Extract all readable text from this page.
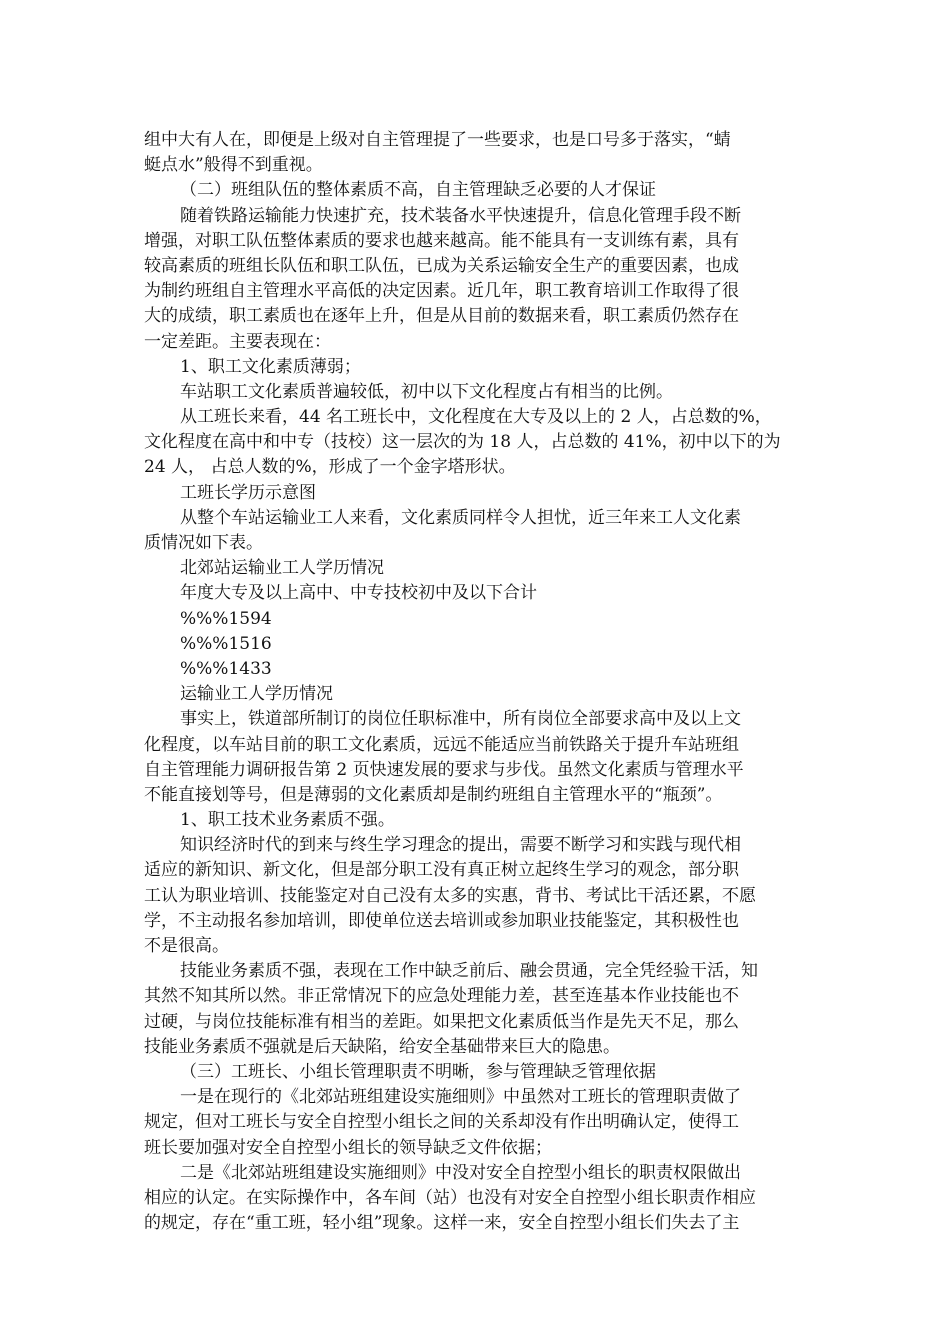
组中大有人在，即便是上级对自主管理提了一些要求，也是口号多于落实，“蜻
蜓点水”般得不到重视。
（二）班组队伍的整体素质不高，自主管理缺乏必要的人才保证
随着铁路运输能力快速扩充，技术装备水平快速提升，信息化管理手段不断
增强，对职工队伍整体素质的要求也越来越高。能不能具有一支训练有素，具有
较高素质的班组长队伍和职工队伍，已成为关系运输安全生产的重要因素，也成
为制约班组自主管理水平高低的决定因素。近几年，职工教育培训工作取得了很
大的成绩，职工素质也在逐年上升，但是从目前的数据来看，职工素质仍然存在
一定差距。主要表现在：
1、职工文化素质薄弱；
车站职工文化素质普遍较低，初中以下文化程度占有相当的比例。
从工班长来看，44 名工班长中，文化程度在大专及以上的 2 人，占总数的%，
文化程度在高中和中专（技校）这一层次的为 18 人，占总数的 41%，初中以下的为
24 人， 占总人数的%，形成了一个金字塔形状。
工班长学历示意图
从整个车站运输业工人来看，文化素质同样令人担忧，近三年来工人文化素
质情况如下表。
北郊站运输业工人学历情况
年度大专及以上高中、中专技校初中及以下合计
%%%1594
%%%1516
%%%1433
运输业工人学历情况
事实上，铁道部所制订的岗位任职标准中，所有岗位全部要求高中及以上文
化程度，以车站目前的职工文化素质，远远不能适应当前铁路关于提升车站班组
自主管理能力调研报告第 2 页快速发展的要求与步伐。虽然文化素质与管理水平
不能直接划等号，但是薄弱的文化素质却是制约班组自主管理水平的“瓶颈”。
1、职工技术业务素质不强。
知识经济时代的到来与终生学习理念的提出，需要不断学习和实践与现代相
适应的新知识、新文化，但是部分职工没有真正树立起终生学习的观念，部分职
工认为职业培训、技能鉴定对自己没有太多的实惠，背书、考试比干活还累，不愿
学，不主动报名参加培训，即使单位送去培训或参加职业技能鉴定，其积极性也
不是很高。
技能业务素质不强，表现在工作中缺乏前后、融会贯通，完全凭经验干活，知
其然不知其所以然。非正常情况下的应急处理能力差，甚至连基本作业技能也不
过硬，与岗位技能标准有相当的差距。如果把文化素质低当作是先天不足，那么
技能业务素质不强就是后天缺陷，给安全基础带来巨大的隐患。
（三）工班长、小组长管理职责不明晰，参与管理缺乏管理依据
一是在现行的《北郊站班组建设实施细则》中虽然对工班长的管理职责做了
规定，但对工班长与安全自控型小组长之间的关系却没有作出明确认定，使得工
班长要加强对安全自控型小组长的领导缺乏文件依据；
二是《北郊站班组建设实施细则》中没对安全自控型小组长的职责权限做出
相应的认定。在实际操作中，各车间（站）也没有对安全自控型小组长职责作相应
的规定，存在“重工班，轻小组”现象。这样一来，安全自控型小组长们失去了主
